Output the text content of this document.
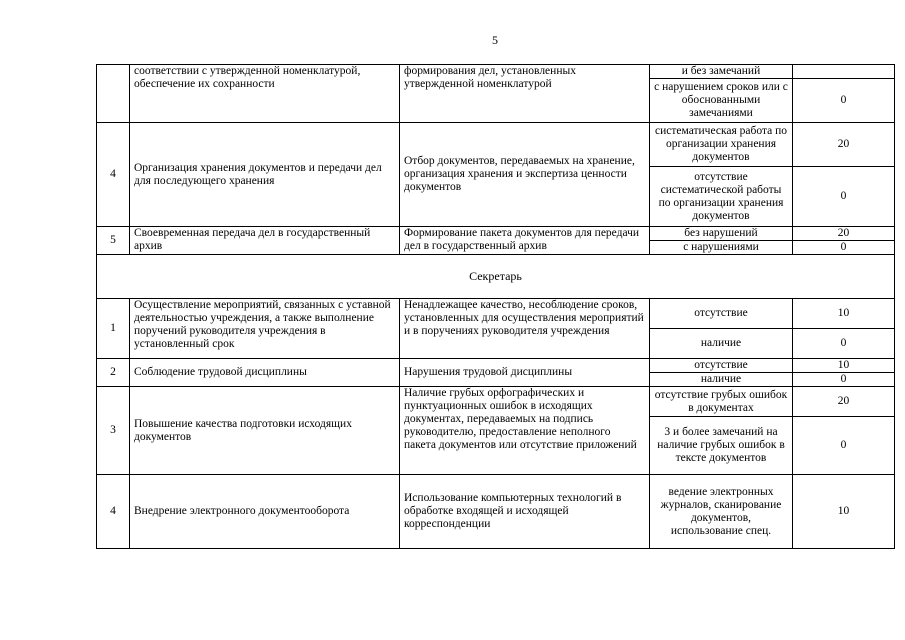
5
	соответствии с утвержденной номенклатурой, обеспечение их сохранности	формирования дел, установленных утвержденной номенклатурой	и без замечаний	
			с нарушением сроков или с обоснованными замечаниями	0
4	Организация хранения документов и передачи дел для последующего хранения	Отбор документов, передаваемых на хранение, организация хранения и экспертиза ценности документов	систематическая работа по организации хранения документов	20
			отсутствие систематической работы по организации хранения документов	0
5	Своевременная передача дел в государственный архив	Формирование пакета документов для передачи дел в государственный архив	без нарушений	20
			с нарушениями	0
Секретарь				
1	Осуществление мероприятий, связанных с уставной деятельностью учреждения, а также выполнение поручений руководителя учреждения в установленный срок	Ненадлежащее качество, несоблюдение сроков, установленных для осуществления мероприятий и в поручениях руководителя учреждения	отсутствие	10
			наличие	0
2	Соблюдение трудовой дисциплины	Нарушения трудовой дисциплины	отсутствие	10
			наличие	0
3	Повышение качества подготовки исходящих документов	Наличие грубых орфографических и пунктуационных ошибок в исходящих документах, передаваемых на подпись руководителю, предоставление неполного пакета документов или отсутствие приложений	отсутствие грубых ошибок в документах	20
			3 и более замечаний на наличие грубых ошибок в тексте документов	0
4	Внедрение электронного документооборота	Использование компьютерных технологий в обработке входящей и исходящей корреспонденции	ведение электронных журналов, сканирование документов, использование спец.	10
